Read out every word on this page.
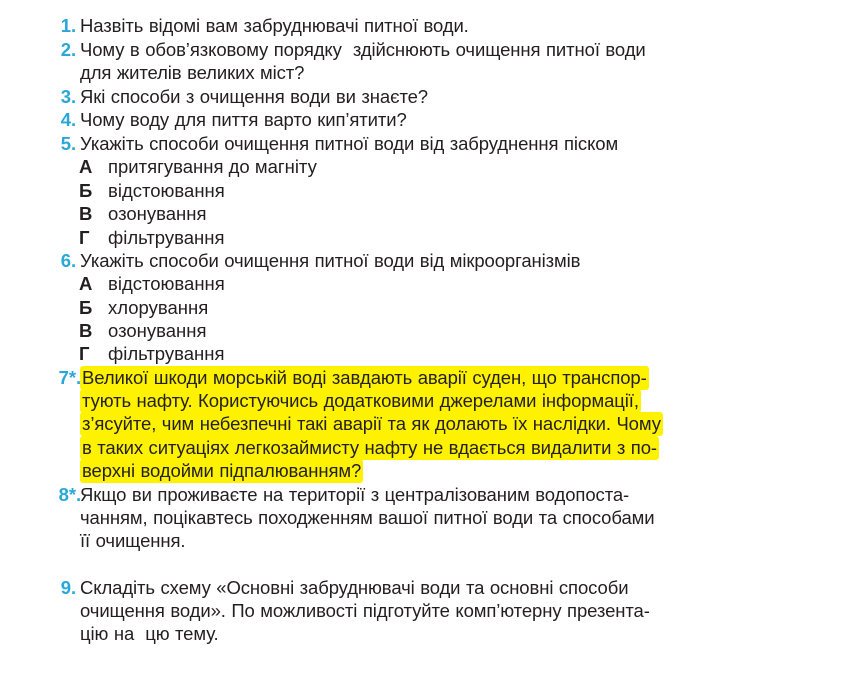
1. Назвіть відомі вам забруднювачі питної води.
2. Чому в обов’язковому порядку  здійснюють очищення питної води
для жителів великих міст?
3. Які способи з очищення води ви знаєте?
4. Чому воду для пиття варто кип’ятити?
5. Укажіть способи очищення питної води від забруднення піском
А притягування до магніту
Б відстоювання
В озонування
Г фільтрування
6. Укажіть способи очищення питної води від мікроорганізмів
А відстоювання
Б хлорування
В озонування
Г фільтрування
7*. Великої шкоди морській воді завдають аварії суден, що транспор-
тують нафту. Користуючись додатковими джерелами інформації,
з’ясуйте, чим небезпечні такі аварії та як долають їх наслідки. Чому
в таких ситуаціях легкозаймисту нафту не вдається видалити з по-
верхні водойми підпалюванням?
8*. Якщо ви проживаєте на території з централізованим водопоста-
чанням, поцікавтесь походженням вашої питної води та способами
її очищення.
9. Складіть схему «Основні забруднювачі води та основні способи
очищення води». По можливості підготуйте комп’ютерну презента-
цію на  цю тему.
